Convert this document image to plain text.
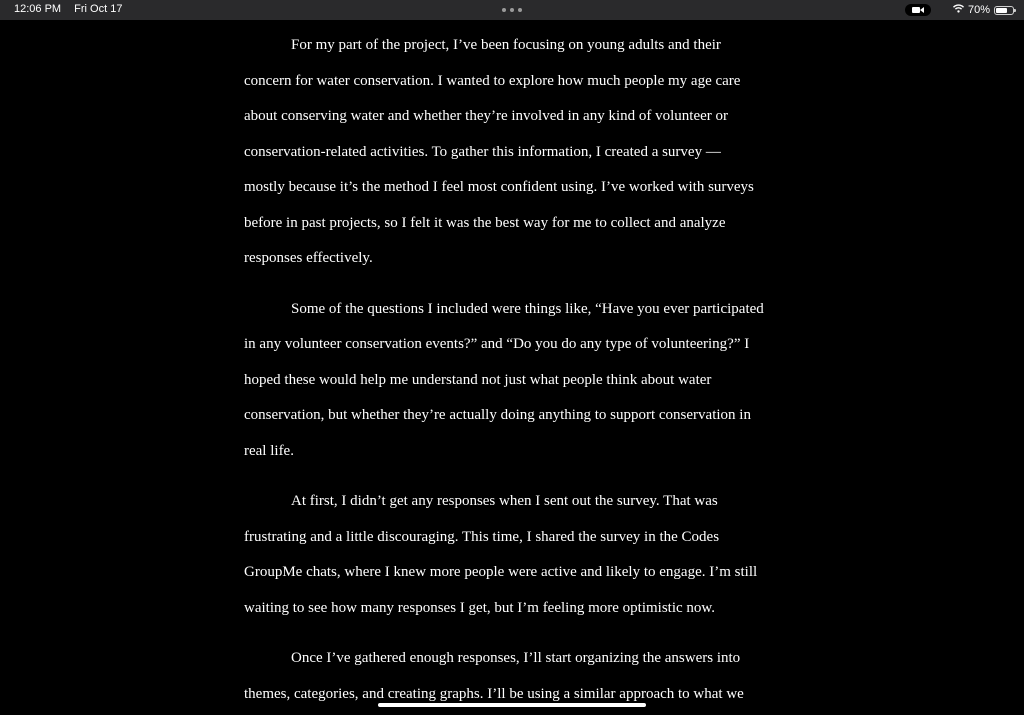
12:06 PM Fri Oct 17	70%

For my part of the project, I’ve been focusing on young adults and their
concern for water conservation. I wanted to explore how much people my age care
about conserving water and whether they’re involved in any kind of volunteer or
conservation-related activities. To gather this information, I created a survey —
mostly because it’s the method I feel most confident using. I’ve worked with surveys
before in past projects, so I felt it was the best way for me to collect and analyze
responses effectively.

Some of the questions I included were things like, “Have you ever participated
in any volunteer conservation events?” and “Do you do any type of volunteering?” I
hoped these would help me understand not just what people think about water
conservation, but whether they’re actually doing anything to support conservation in
real life.

At first, I didn’t get any responses when I sent out the survey. That was
frustrating and a little discouraging. This time, I shared the survey in the Codes
GroupMe chats, where I knew more people were active and likely to engage. I’m still
waiting to see how many responses I get, but I’m feeling more optimistic now.

Once I’ve gathered enough responses, I’ll start organizing the answers into
themes, categories, and creating graphs. I’ll be using a similar approach to what we
